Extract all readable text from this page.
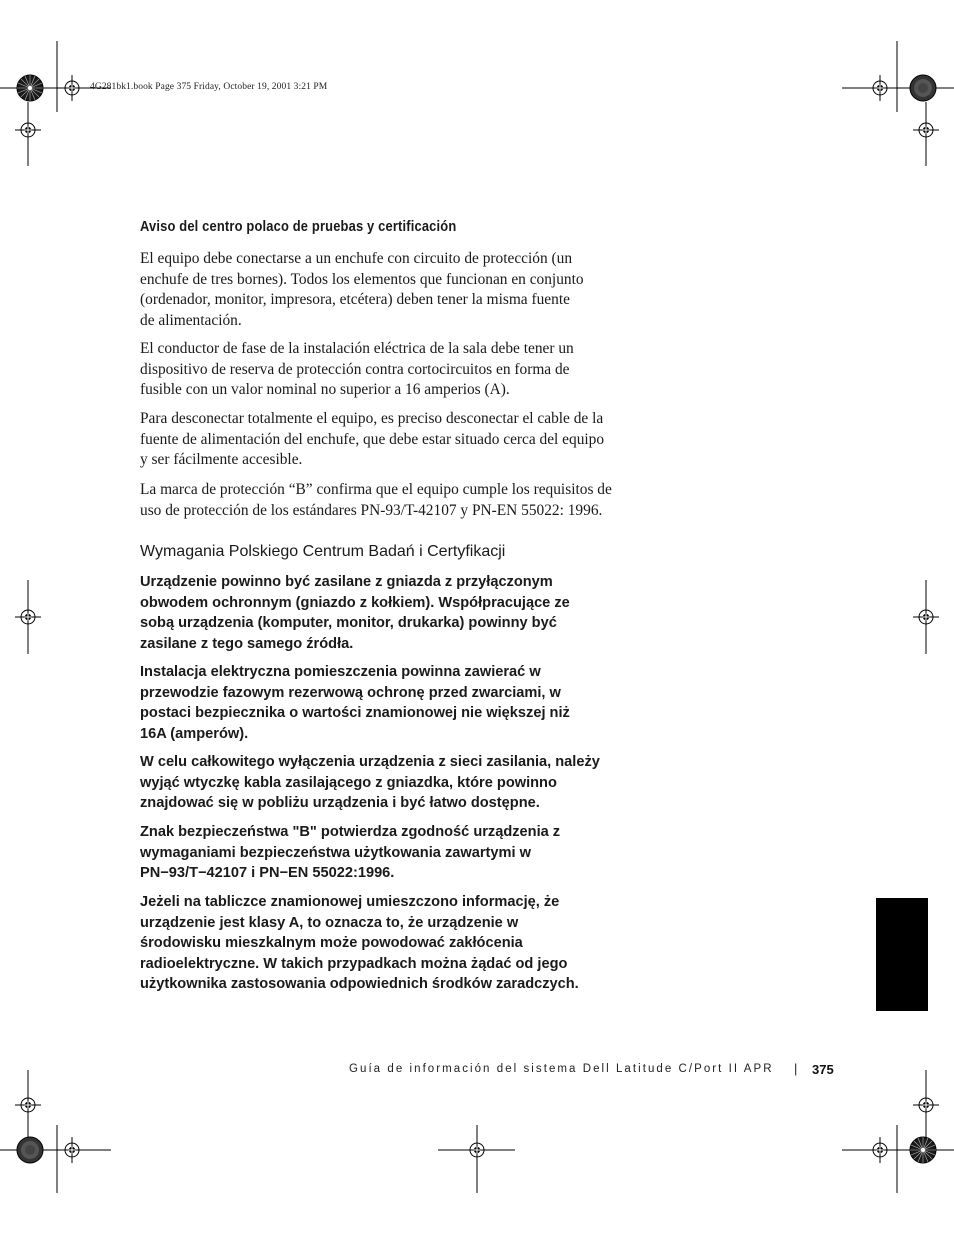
4G281bk1.book Page 375 Friday, October 19, 2001 3:21 PM
Aviso del centro polaco de pruebas y certificación

El equipo debe conectarse a un enchufe con circuito de protección (un
enchufe de tres bornes). Todos los elementos que funcionan en conjunto
(ordenador, monitor, impresora, etcétera) deben tener la misma fuente
de alimentación.

El conductor de fase de la instalación eléctrica de la sala debe tener un
dispositivo de reserva de protección contra cortocircuitos en forma de
fusible con un valor nominal no superior a 16 amperios (A).

Para desconectar totalmente el equipo, es preciso desconectar el cable de la
fuente de alimentación del enchufe, que debe estar situado cerca del equipo
y ser fácilmente accesible.

La marca de protección “B” confirma que el equipo cumple los requisitos de
uso de protección de los estándares PN-93/T-42107 y PN-EN 55022: 1996.

Wymagania Polskiego Centrum Badań i Certyfikacji

Urządzenie powinno być zasilane z gniazda z przyłączonym
obwodem ochronnym (gniazdo z kołkiem). Współpracujące ze
sobą urządzenia (komputer, monitor, drukarka) powinny być
zasilane z tego samego źródła.

Instalacja elektryczna pomieszczenia powinna zawierać w
przewodzie fazowym rezerwową ochronę przed zwarciami, w
postaci bezpiecznika o wartości znamionowej nie większej niż
16A (amperów).

W celu całkowitego wyłączenia urządzenia z sieci zasilania, należy
wyjąć wtyczkę kabla zasilającego z gniazdka, które powinno
znajdować się w pobliżu urządzenia i być łatwo dostępne.

Znak bezpieczeństwa "B" potwierdza zgodność urządzenia z
wymaganiami bezpieczeństwa użytkowania zawartymi w
PN−93/T−42107 i PN−EN 55022:1996.

Jeżeli na tabliczce znamionowej umieszczono informację, że
urządzenie jest klasy A, to oznacza to, że urządzenie w
środowisku mieszkalnym może powodować zakłócenia
radioelektryczne. W takich przypadkach można żądać od jego
użytkownika zastosowania odpowiednich środków zaradczych.

Guía de información del sistema Dell Latitude C/Port II APR | 375
